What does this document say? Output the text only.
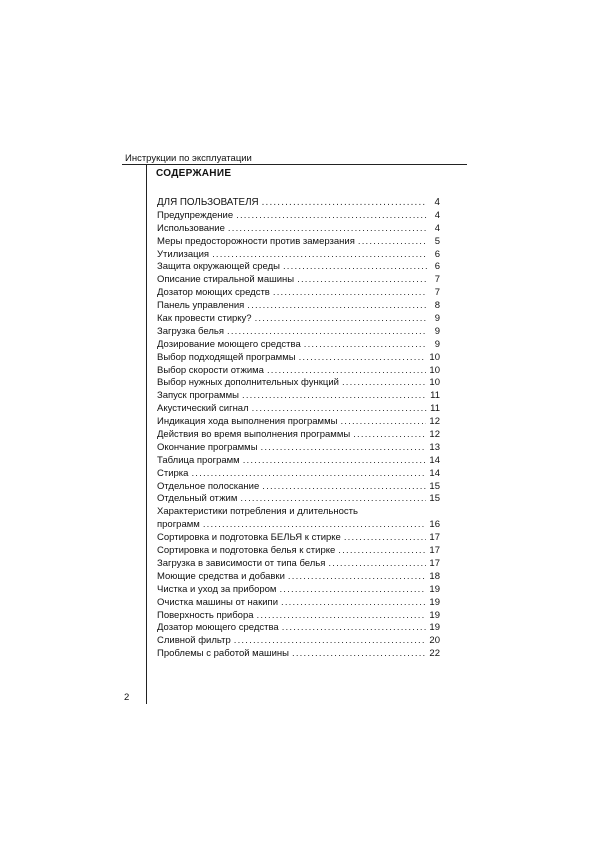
Инструкции по эксплуатации
СОДЕРЖАНИЕ
ДЛЯ ПОЛЬЗОВАТЕЛЯ .....	4
Предупреждение .....	4
Использование .....	4
Меры предосторожности против замерзания .....	5
Утилизация .....	6
Защита окружающей среды .....	6
Описание стиральной машины .....	7
Дозатор моющих средств .....	7
Панель управления .....	8
Как провести стирку? .....	9
Загрузка белья .....	9
Дозирование моющего средства .....	9
Выбор подходящей программы .....	10
Выбор скорости отжима .....	10
Выбор нужных дополнительных функций .....	10
Запуск программы .....	11
Акустический сигнал .....	11
Индикация хода выполнения программы .....	12
Действия во время выполнения программы .....	12
Окончание программы .....	13
Таблица программ .....	14
Стирка .....	14
Отдельное полоскание .....	15
Отдельный отжим .....	15
Характеристики потребления и длительность
программ .....	16
Сортировка и подготовка БЕЛЬЯ к стирке .....	17
Сортировка и подготовка белья к стирке .....	17
Загрузка в зависимости от типа белья .....	17
Моющие средства и добавки .....	18
Чистка и уход за прибором .....	19
Очистка машины от накипи .....	19
Поверхность прибора .....	19
Дозатор моющего средства .....	19
Сливной фильтр .....	20
Проблемы с работой машины .....	22
2
